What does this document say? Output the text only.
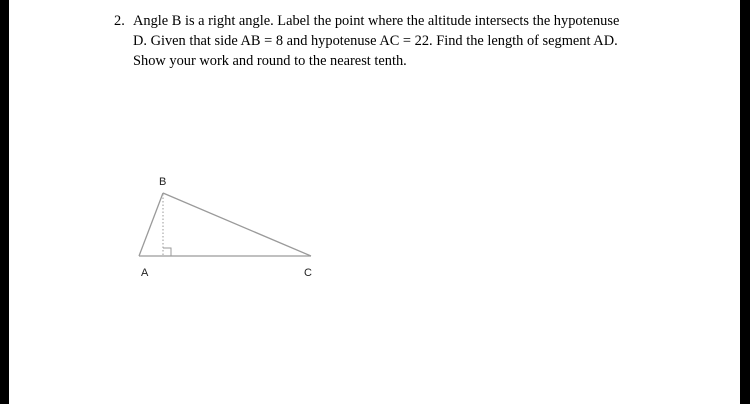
2. Angle B is a right angle. Label the point where the altitude intersects the hypotenuse
D. Given that side AB = 8 and hypotenuse AC = 22. Find the length of segment AD.
Show your work and round to the nearest tenth.
B
A	C
